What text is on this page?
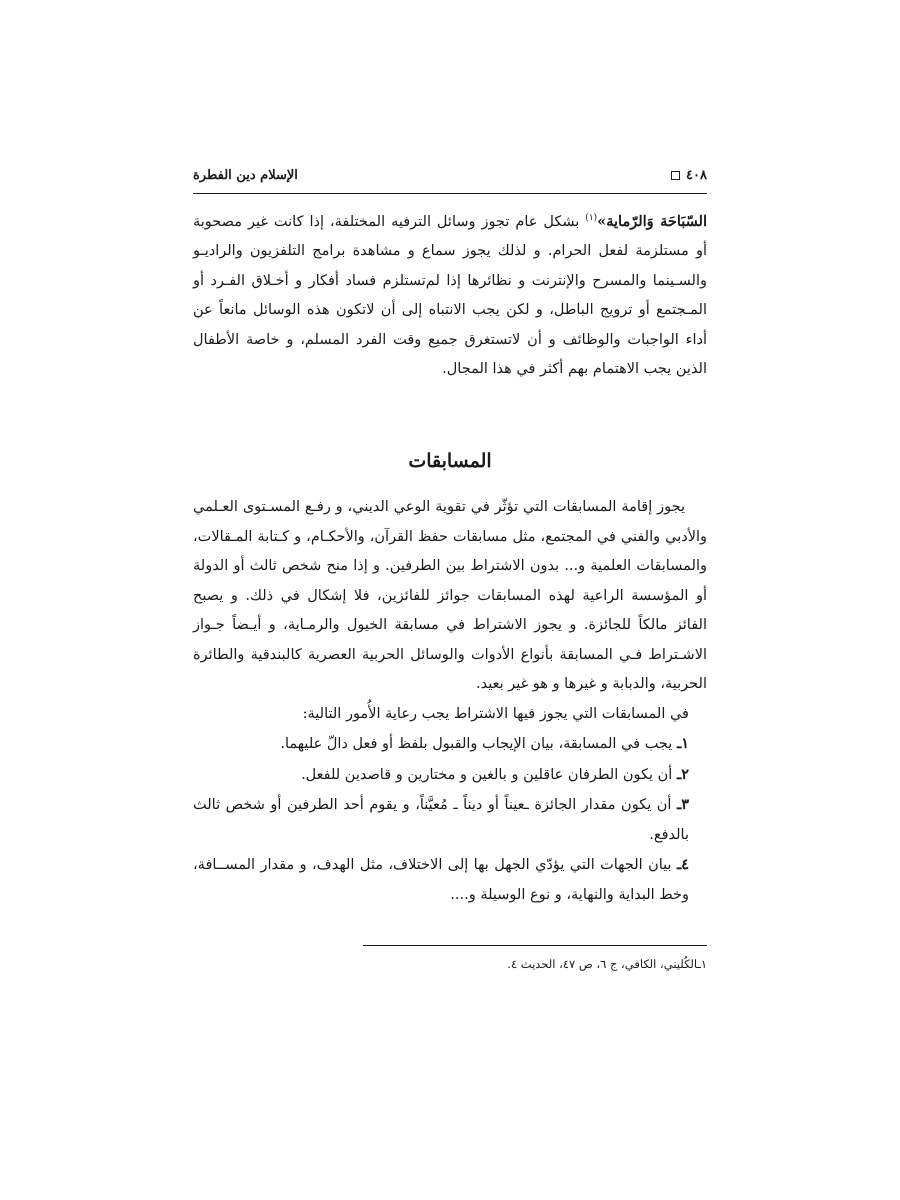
٤٠٨
الإسلام دين الفطرة

السّبَاحَة وَالرّماية»$^{(١)}$ بشكل عام تجوز وسائل الترفيه المختلفة، إذا كانت غير مصحوبة أو مستلزمة لفعل الحرام. و لذلك يجوز سماع و مشاهدة برامج التلفزيون والراديـو والسـينما والمسرح والإنترنت و نظائرها إذا لم‌تستلزم فساد أفكار و أخـلاق الفـرد أو المـجتمع أو ترويج الباطل، و لكن يجب الانتباه إلى أن لاتكون هذه الوسائل مانعاً عن أداء الواجبات والوظائف و أن لاتستغرق جميع وقت الفرد المسلم، و خاصة الأطفال الذين يجب الاهتمام بهم أكثر في هذا المجال.

المسابقات

يجوز إقامة المسابقات التي تؤثّر في تقوية الوعي الديني، و رفـع المسـتوى العـلمي والأدبي والفني في المجتمع، مثل مسابقات حفظ القرآن، والأحكـام، و كـتابة المـقالات، والمسابقات العلمية و... بدون الاشتراط بين الطرفين. و إذا منح شخص ثالث أو الدولة أو المؤسسة الراعية لهذه المسابقات جوائز للفائزين، فلا إشكال في ذلك. و يصبح الفائز مالكاً للجائزة. و يجوز الاشتراط في مسابقة الخيول والرمـاية، و أيـضاً جـواز الاشـتراط فـي المسابقة بأنواع الأدوات والوسائل الحربية العصرية كالبندقية والطائرة الحربية، والدبابة و غيرها و هو غير بعيد.

في المسابقات التي يجوز فيها الاشتراط يجب رعاية الأُمور التالية:

١ـ يجب في المسابقة، بيان الإيجاب والقبول بلفظ أو فعل دالّ عليهما.

٢ـ أن يكون الطرفان عاقلين و بالغين و مختارين و قاصدين للفعل.

٣ـ أن يكون مقدار الجائزة ـعيناً أو ديناً ـ مُعيَّناً، و يقوم أحد الطرفين أو شخص ثالث بالدفع.

٤ـ بيان الجهات التي يؤدّي الجهل بها إلى الاختلاف، مثل الهدف، و مقدار المســافة، وخط البداية والنهاية، و نوع الوسيلة و....

١ـالكُليني، الكافي، ج ٦، ص ٤٧، الحديث ٤.
